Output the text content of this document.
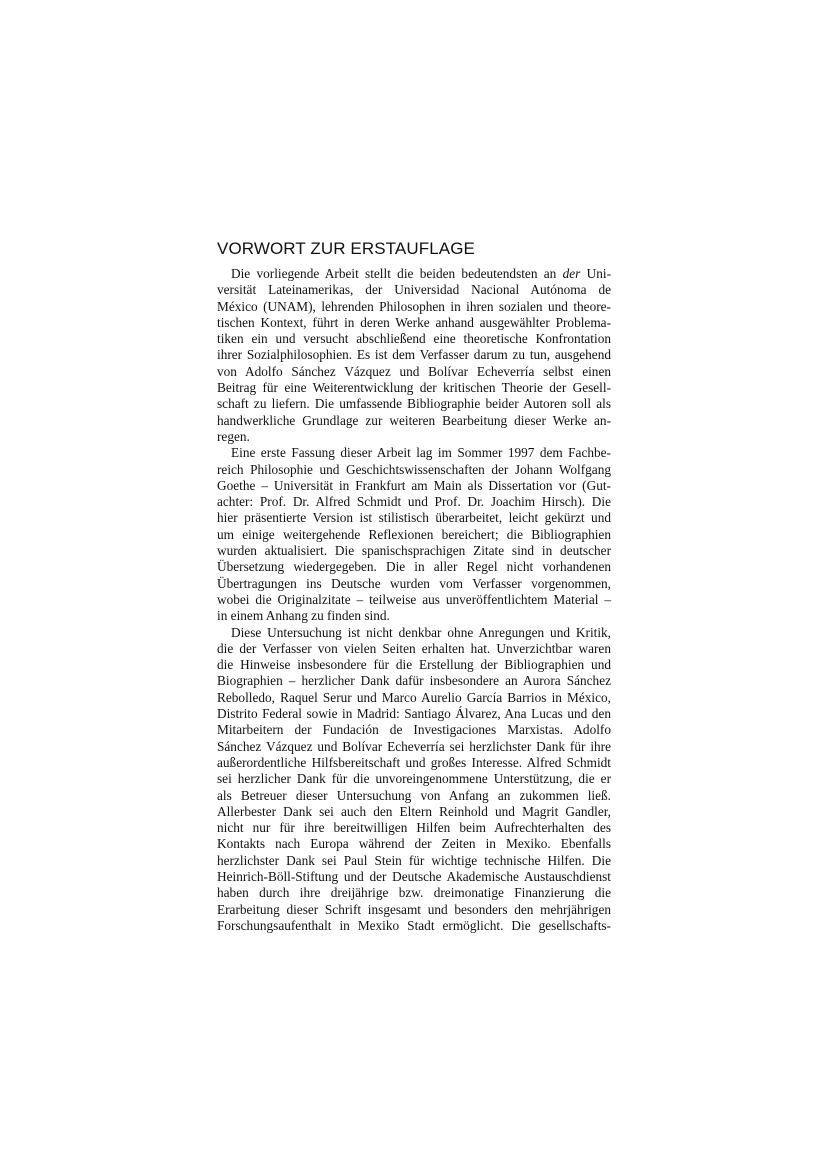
VORWORT ZUR ERSTAUFLAGE
Die vorliegende Arbeit stellt die beiden bedeutendsten an der Uni-
versität Lateinamerikas, der Universidad Nacional Autónoma de
México (UNAM), lehrenden Philosophen in ihren sozialen und theore-
tischen Kontext, führt in deren Werke anhand ausgewählter Problema-
tiken ein und versucht abschließend eine theoretische Konfrontation
ihrer Sozialphilosophien. Es ist dem Verfasser darum zu tun, ausgehend
von Adolfo Sánchez Vázquez und Bolívar Echeverría selbst einen
Beitrag für eine Weiterentwicklung der kritischen Theorie der Gesell-
schaft zu liefern. Die umfassende Bibliographie beider Autoren soll als
handwerkliche Grundlage zur weiteren Bearbeitung dieser Werke an-
regen.
Eine erste Fassung dieser Arbeit lag im Sommer 1997 dem Fachbe-
reich Philosophie und Geschichtswissenschaften der Johann Wolfgang
Goethe – Universität in Frankfurt am Main als Dissertation vor (Gut-
achter: Prof. Dr. Alfred Schmidt und Prof. Dr. Joachim Hirsch). Die
hier präsentierte Version ist stilistisch überarbeitet, leicht gekürzt und
um einige weitergehende Reflexionen bereichert; die Bibliographien
wurden aktualisiert. Die spanischsprachigen Zitate sind in deutscher
Übersetzung wiedergegeben. Die in aller Regel nicht vorhandenen
Übertragungen ins Deutsche wurden vom Verfasser vorgenommen,
wobei die Originalzitate – teilweise aus unveröffentlichtem Material –
in einem Anhang zu finden sind.
Diese Untersuchung ist nicht denkbar ohne Anregungen und Kritik,
die der Verfasser von vielen Seiten erhalten hat. Unverzichtbar waren
die Hinweise insbesondere für die Erstellung der Bibliographien und
Biographien – herzlicher Dank dafür insbesondere an Aurora Sánchez
Rebolledo, Raquel Serur und Marco Aurelio García Barrios in México,
Distrito Federal sowie in Madrid: Santiago Álvarez, Ana Lucas und den
Mitarbeitern der Fundación de Investigaciones Marxistas. Adolfo
Sánchez Vázquez und Bolívar Echeverría sei herzlichster Dank für ihre
außerordentliche Hilfsbereitschaft und großes Interesse. Alfred Schmidt
sei herzlicher Dank für die unvoreingenommene Unterstützung, die er
als Betreuer dieser Untersuchung von Anfang an zukommen ließ.
Allerbester Dank sei auch den Eltern Reinhold und Magrit Gandler,
nicht nur für ihre bereitwilligen Hilfen beim Aufrechterhalten des
Kontakts nach Europa während der Zeiten in Mexiko. Ebenfalls
herzlichster Dank sei Paul Stein für wichtige technische Hilfen. Die
Heinrich-Böll-Stiftung und der Deutsche Akademische Austauschdienst
haben durch ihre dreijährige bzw. dreimonatige Finanzierung die
Erarbeitung dieser Schrift insgesamt und besonders den mehrjährigen
Forschungsaufenthalt in Mexiko Stadt ermöglicht. Die gesellschafts-
